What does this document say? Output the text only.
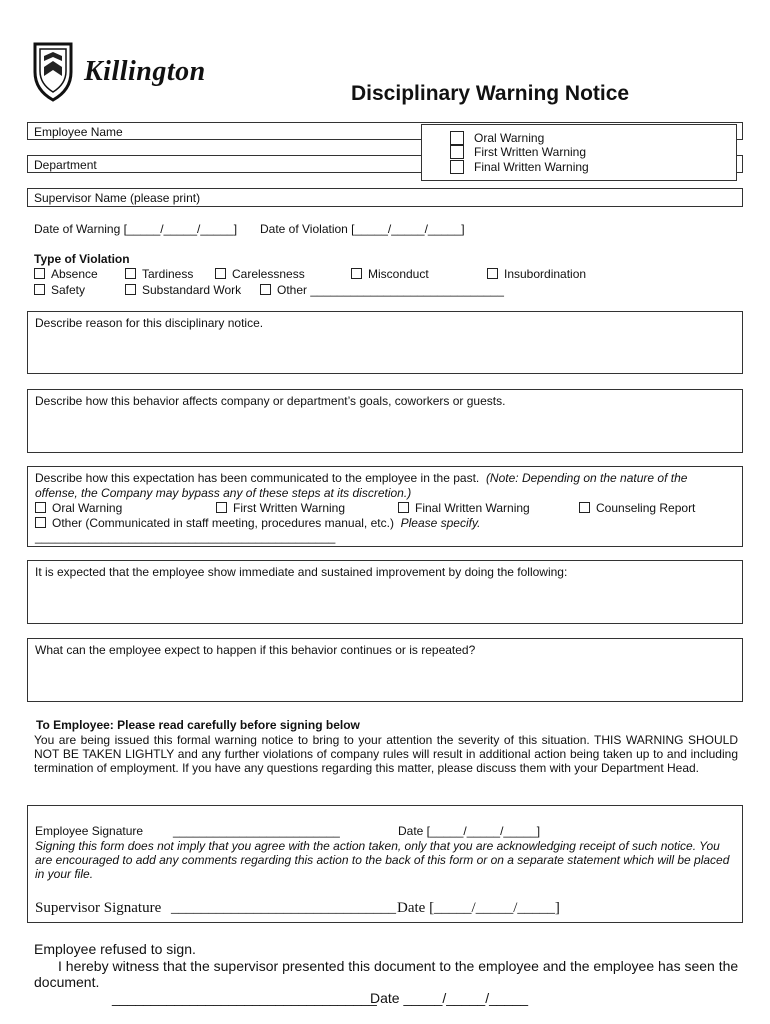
Killington
Disciplinary Warning Notice
Employee Name
Department
Oral Warning
First Written Warning
Final Written Warning
Supervisor Name (please print)
Date of Warning [_____/_____/_____] Date of Violation [_____/_____/_____]
Type of Violation
Absence	Tardiness	Carelessness	Misconduct	Insubordination
Safety	Substandard Work	Other _____________________________
Describe reason for this disciplinary notice.
Describe how this behavior affects company or department’s goals, coworkers or guests.
Describe how this expectation has been communicated to the employee in the past. (Note: Depending on the nature of the
offense, the Company may bypass any of these steps at its discretion.)
Oral Warning	First Written Warning	Final Written Warning	Counseling Report
Other (Communicated in staff meeting, procedures manual, etc.) Please specify.
_____________________________________________
It is expected that the employee show immediate and sustained improvement by doing the following:
What can the employee expect to happen if this behavior continues or is repeated?
To Employee: Please read carefully before signing below
You are being issued this formal warning notice to bring to your attention the severity of this situation. THIS WARNING SHOULD NOT BE TAKEN LIGHTLY and any further violations of company rules will result in additional action being taken up to and including termination of employment. If you have any questions regarding this matter, please discuss them with your Department Head.
Employee Signature _________________________	Date [_____/_____/_____]
Signing this form does not imply that you agree with the action taken, only that you are acknowledging receipt of such notice. You are encouraged to add any comments regarding this action to the back of this form or on a separate statement which will be placed in your file.
Supervisor Signature ______________________________ Date [_____/_____/_____]
Employee refused to sign.
I hereby witness that the supervisor presented this document to the employee and the employee has seen the document.
__________________________________
Date _____/_____/_____
